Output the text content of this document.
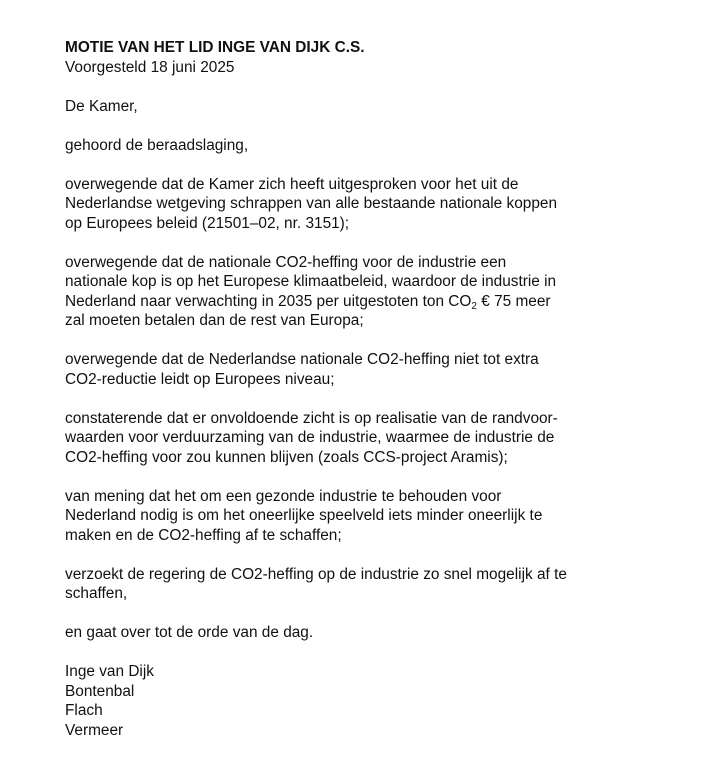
MOTIE VAN HET LID INGE VAN DIJK C.S.

Voorgesteld 18 juni 2025

De Kamer,

gehoord de beraadslaging,

overwegende dat de Kamer zich heeft uitgesproken voor het uit de
Nederlandse wetgeving schrappen van alle bestaande nationale koppen
op Europees beleid (21501–02, nr. 3151);

overwegende dat de nationale CO2-heffing voor de industrie een
nationale kop is op het Europese klimaatbeleid, waardoor de industrie in
Nederland naar verwachting in 2035 per uitgestoten ton $CO_2$ € 75 meer
zal moeten betalen dan de rest van Europa;

overwegende dat de Nederlandse nationale CO2-heffing niet tot extra
CO2-reductie leidt op Europees niveau;

constaterende dat er onvoldoende zicht is op realisatie van de randvoor-
waarden voor verduurzaming van de industrie, waarmee de industrie de
CO2-heffing voor zou kunnen blijven (zoals CCS-project Aramis);

van mening dat het om een gezonde industrie te behouden voor
Nederland nodig is om het oneerlijke speelveld iets minder oneerlijk te
maken en de CO2-heffing af te schaffen;

verzoekt de regering de CO2-heffing op de industrie zo snel mogelijk af te
schaffen,

en gaat over tot de orde van de dag.

Inge van Dijk

Bontenbal

Flach

Vermeer
